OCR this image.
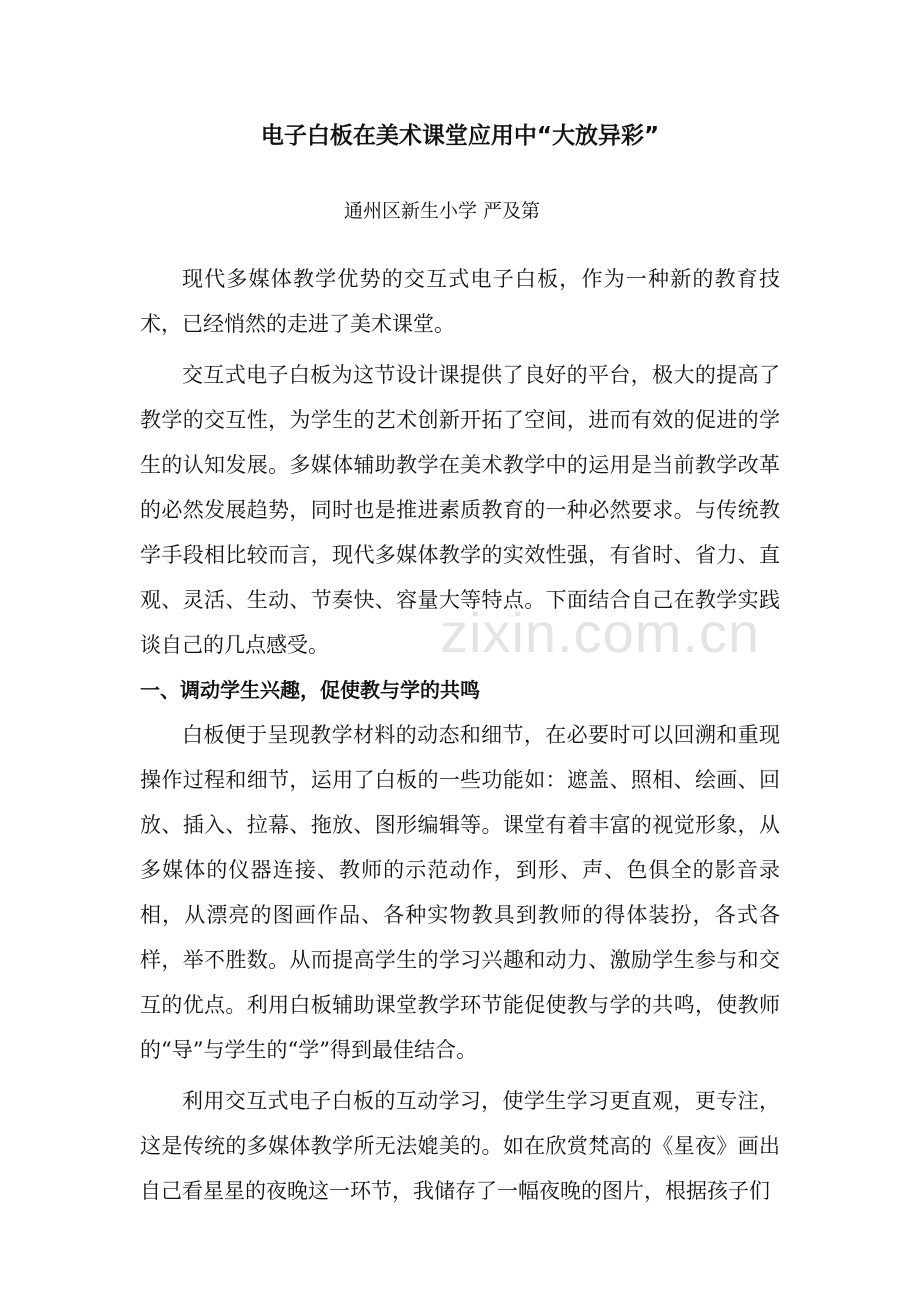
zixin.com.cn
电子白板在美术课堂应用中“大放异彩”

通州区新生小学 严及第

现代多媒体教学优势的交互式电子白板，作为一种新的教育技术，已经悄然的走进了美术课堂。

交互式电子白板为这节设计课提供了良好的平台，极大的提高了教学的交互性，为学生的艺术创新开拓了空间，进而有效的促进的学生的认知发展。多媒体辅助教学在美术教学中的运用是当前教学改革的必然发展趋势，同时也是推进素质教育的一种必然要求。与传统教学手段相比较而言，现代多媒体教学的实效性强，有省时、省力、直观、灵活、生动、节奏快、容量大等特点。下面结合自己在教学实践谈自己的几点感受。

一、调动学生兴趣，促使教与学的共鸣

白板便于呈现教学材料的动态和细节，在必要时可以回溯和重现操作过程和细节，运用了白板的一些功能如：遮盖、照相、绘画、回放、插入、拉幕、拖放、图形编辑等。课堂有着丰富的视觉形象，从多媒体的仪器连接、教师的示范动作，到形、声、色俱全的影音录相，从漂亮的图画作品、各种实物教具到教师的得体装扮，各式各样，举不胜数。从而提高学生的学习兴趣和动力、激励学生参与和交互的优点。利用白板辅助课堂教学环节能促使教与学的共鸣，使教师的“导”与学生的“学”得到最佳结合。

利用交互式电子白板的互动学习，使学生学习更直观，更专注，这是传统的多媒体教学所无法媲美的。如在欣赏梵高的《星夜》画出自己看星星的夜晚这一环节，我储存了一幅夜晚的图片，根据孩子们
